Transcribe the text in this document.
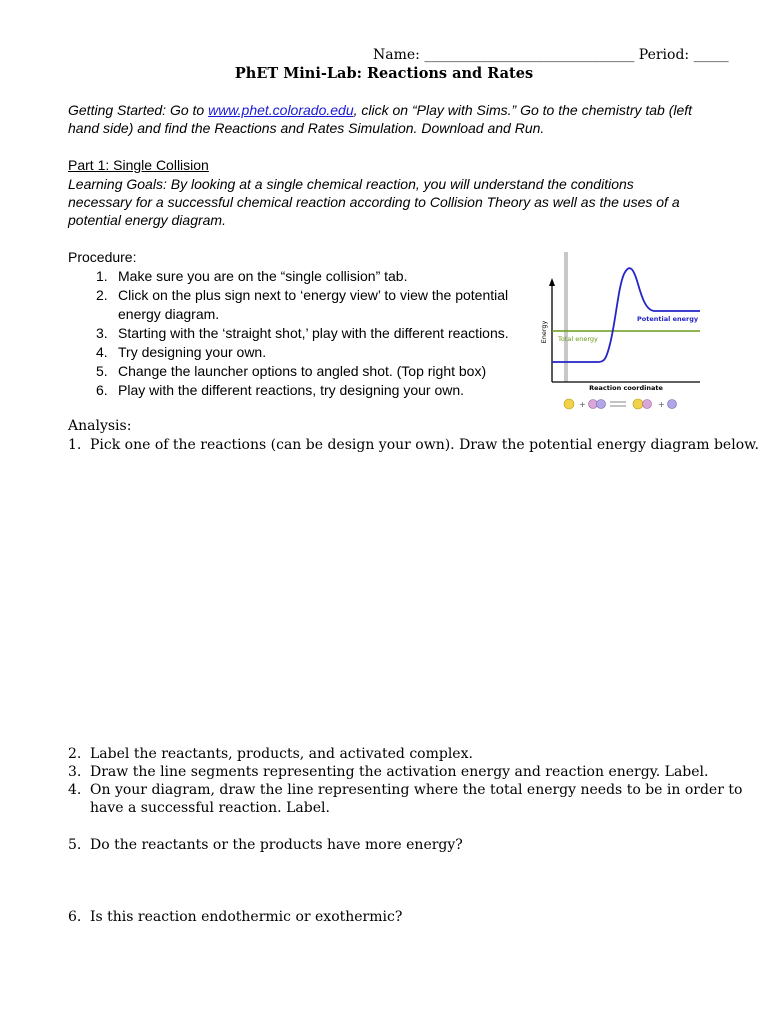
Name: ______________________________ Period: _____
PhET Mini-Lab: Reactions and Rates
Getting Started: Go to www.phet.colorado.edu, click on “Play with Sims.” Go to the chemistry tab (left
hand side) and find the Reactions and Rates Simulation. Download and Run.
Part 1: Single Collision
Learning Goals: By looking at a single chemical reaction, you will understand the conditions
necessary for a successful chemical reaction according to Collision Theory as well as the uses of a
potential energy diagram.
Procedure:
1. Make sure you are on the “single collision” tab.
2. Click on the plus sign next to ‘energy view’ to view the potential
energy diagram.
3. Starting with the ‘straight shot,’ play with the different reactions.
4. Try designing your own.
5. Change the launcher options to angled shot. (Top right box)
6. Play with the different reactions, try designing your own.
Energy
Potential energy
Total energy
Reaction coordinate
+	+
A + BC ⇌ AB + C
Analysis:
1. Pick one of the reactions (can be design your own). Draw the potential energy diagram below.
2. Label the reactants, products, and activated complex.
3. Draw the line segments representing the activation energy and reaction energy. Label.
4. On your diagram, draw the line representing where the total energy needs to be in order to
have a successful reaction. Label.
5. Do the reactants or the products have more energy?
6. Is this reaction endothermic or exothermic?
